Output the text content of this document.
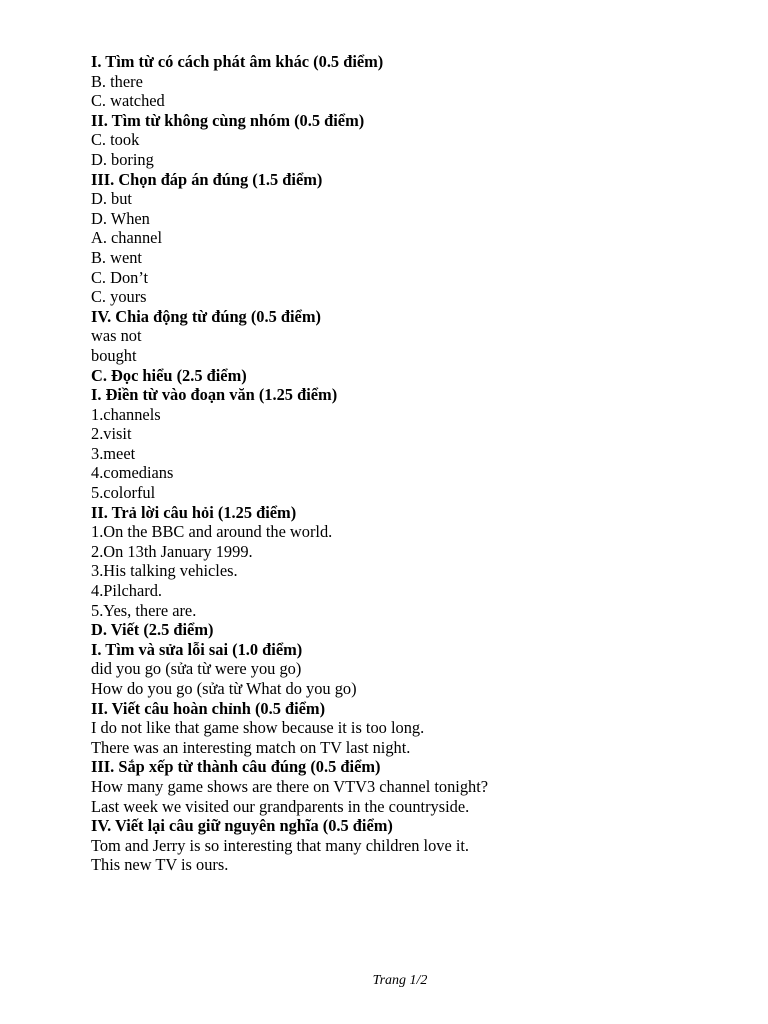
I. Tìm từ có cách phát âm khác (0.5 điểm)
B. there
C. watched
II. Tìm từ không cùng nhóm (0.5 điểm)
C. took
D. boring
III. Chọn đáp án đúng (1.5 điểm)
D. but
D. When
A. channel
B. went
C. Don’t
C. yours
IV. Chia động từ đúng (0.5 điểm)
was not
bought
C. Đọc hiểu (2.5 điểm)
I. Điền từ vào đoạn văn (1.25 điểm)
1.channels
2.visit
3.meet
4.comedians
5.colorful
II. Trả lời câu hỏi (1.25 điểm)
1.On the BBC and around the world.
2.On 13th January 1999.
3.His talking vehicles.
4.Pilchard.
5.Yes, there are.
D. Viết (2.5 điểm)
I. Tìm và sửa lỗi sai (1.0 điểm)
did you go (sửa từ were you go)
How do you go (sửa từ What do you go)
II. Viết câu hoàn chỉnh (0.5 điểm)
I do not like that game show because it is too long.
There was an interesting match on TV last night.
III. Sắp xếp từ thành câu đúng (0.5 điểm)
How many game shows are there on VTV3 channel tonight?
Last week we visited our grandparents in the countryside.
IV. Viết lại câu giữ nguyên nghĩa (0.5 điểm)
Tom and Jerry is so interesting that many children love it.
This new TV is ours.
Trang 1/2
